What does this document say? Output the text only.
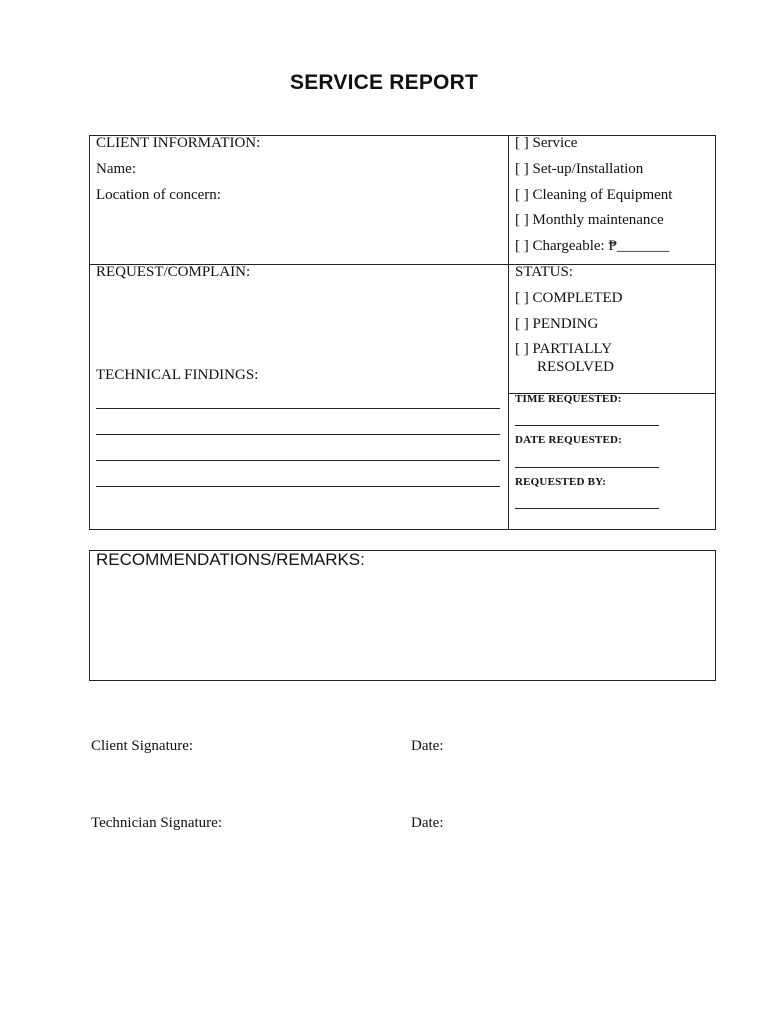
SERVICE REPORT
CLIENT INFORMATION:
Name:
Location of concern:
[ ] Service
[ ] Set-up/Installation
[ ] Cleaning of Equipment
[ ] Monthly maintenance
[ ] Chargeable: ₱_______
REQUEST/COMPLAIN:
TECHNICAL FINDINGS:
STATUS:
[ ] COMPLETED
[ ] PENDING
[ ] PARTIALLY
RESOLVED
TIME REQUESTED:
DATE REQUESTED:
REQUESTED BY:
RECOMMENDATIONS/REMARKS:
Client Signature:	Date:
Technician Signature:	Date:
